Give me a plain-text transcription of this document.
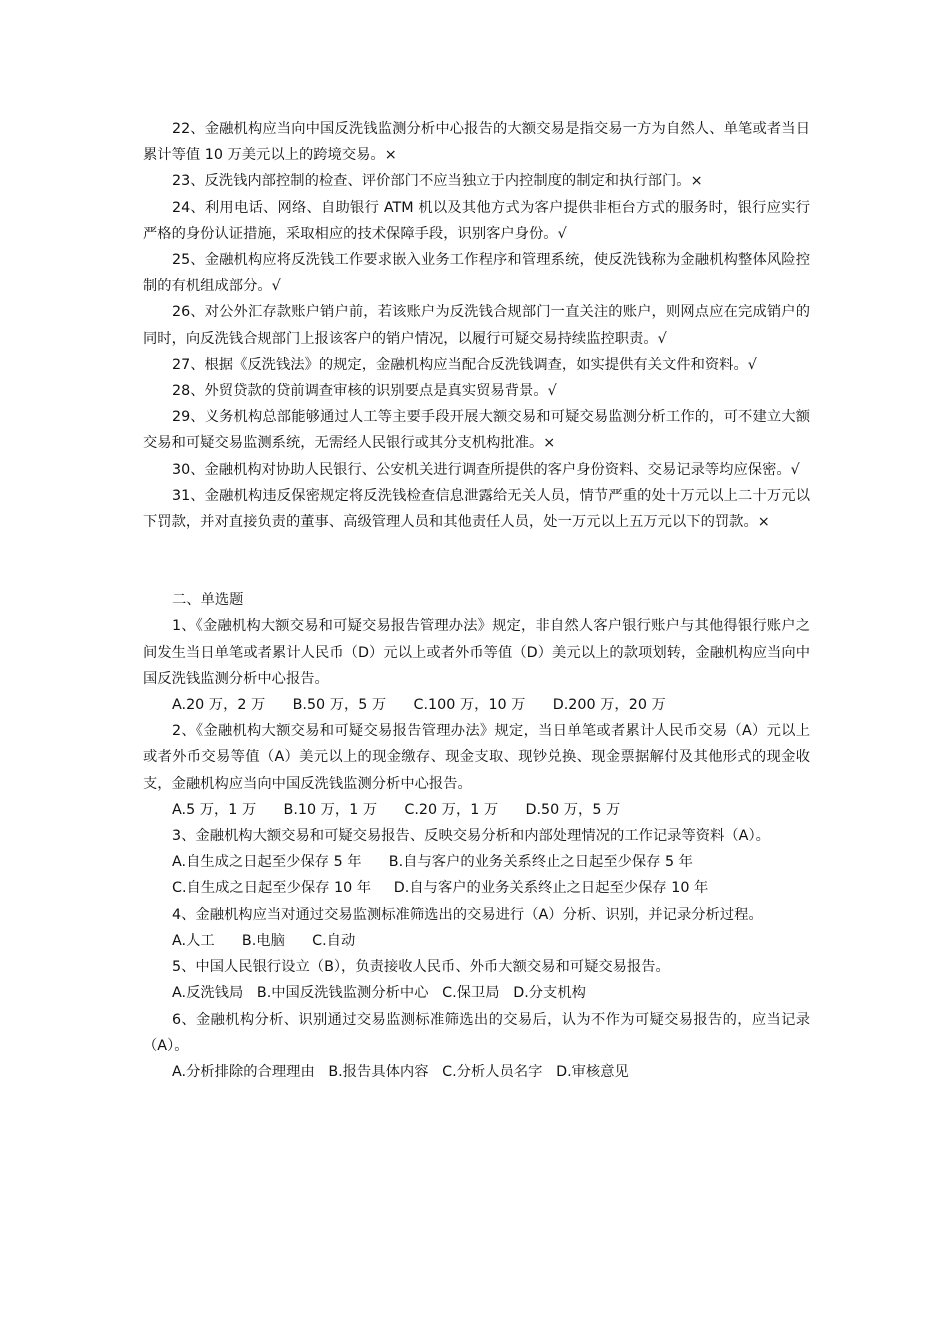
22、金融机构应当向中国反洗钱监测分析中心报告的大额交易是指交易一方为自然人、单笔或者当日累计等值 10 万美元以上的跨境交易。×

23、反洗钱内部控制的检查、评价部门不应当独立于内控制度的制定和执行部门。×

24、利用电话、网络、自助银行 ATM 机以及其他方式为客户提供非柜台方式的服务时，银行应实行严格的身份认证措施，采取相应的技术保障手段，识别客户身份。√

25、金融机构应将反洗钱工作要求嵌入业务工作程序和管理系统，使反洗钱称为金融机构整体风险控制的有机组成部分。√

26、对公外汇存款账户销户前，若该账户为反洗钱合规部门一直关注的账户，则网点应在完成销户的同时，向反洗钱合规部门上报该客户的销户情况，以履行可疑交易持续监控职责。√

27、根据《反洗钱法》的规定，金融机构应当配合反洗钱调查，如实提供有关文件和资料。√

28、外贸贷款的贷前调查审核的识别要点是真实贸易背景。√

29、义务机构总部能够通过人工等主要手段开展大额交易和可疑交易监测分析工作的，可不建立大额交易和可疑交易监测系统，无需经人民银行或其分支机构批准。×

30、金融机构对协助人民银行、公安机关进行调查所提供的客户身份资料、交易记录等均应保密。√

31、金融机构违反保密规定将反洗钱检查信息泄露给无关人员，情节严重的处十万元以上二十万元以下罚款，并对直接负责的董事、高级管理人员和其他责任人员，处一万元以上五万元以下的罚款。×

二、单选题

1、《金融机构大额交易和可疑交易报告管理办法》规定，非自然人客户银行账户与其他得银行账户之间发生当日单笔或者累计人民币（D）元以上或者外币等值（D）美元以上的款项划转，金融机构应当向中国反洗钱监测分析中心报告。

A.20 万，2 万      B.50 万，5 万      C.100 万，10 万      D.200 万，20 万

2、《金融机构大额交易和可疑交易报告管理办法》规定，当日单笔或者累计人民币交易（A）元以上或者外币交易等值（A）美元以上的现金缴存、现金支取、现钞兑换、现金票据解付及其他形式的现金收支，金融机构应当向中国反洗钱监测分析中心报告。

A.5 万，1 万      B.10 万，1 万      C.20 万，1 万      D.50 万，5 万

3、金融机构大额交易和可疑交易报告、反映交易分析和内部处理情况的工作记录等资料（A）。

A.自生成之日起至少保存 5 年      B.自与客户的业务关系终止之日起至少保存 5 年

C.自生成之日起至少保存 10 年     D.自与客户的业务关系终止之日起至少保存 10 年

4、金融机构应当对通过交易监测标准筛选出的交易进行（A）分析、识别，并记录分析过程。

A.人工      B.电脑      C.自动

5、中国人民银行设立（B），负责接收人民币、外币大额交易和可疑交易报告。

A.反洗钱局   B.中国反洗钱监测分析中心   C.保卫局   D.分支机构

6、金融机构分析、识别通过交易监测标准筛选出的交易后，认为不作为可疑交易报告的，应当记录（A）。

A.分析排除的合理理由   B.报告具体内容   C.分析人员名字   D.审核意见
